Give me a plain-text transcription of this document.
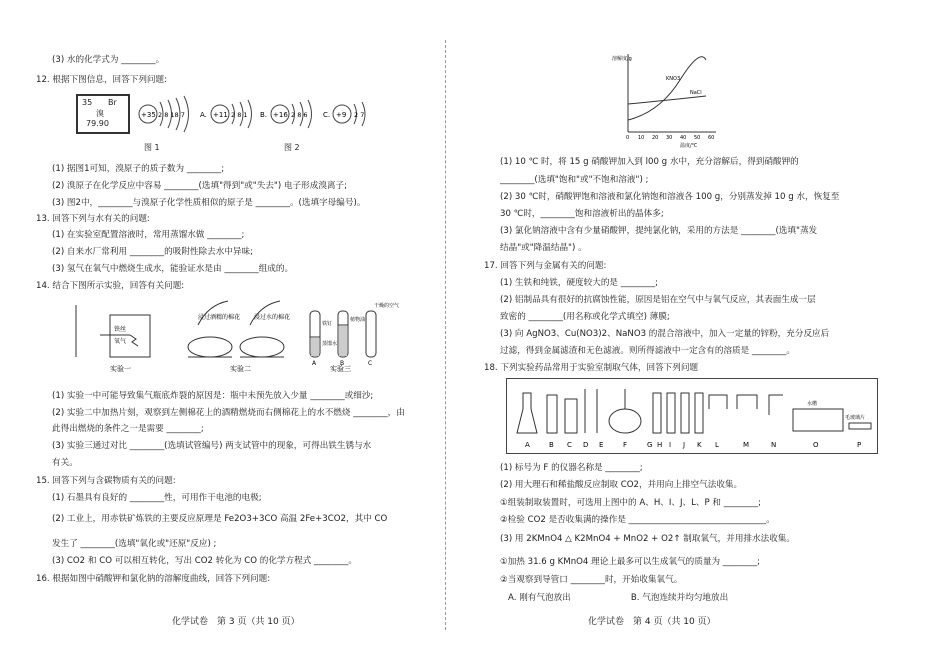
(3) 水的化学式为 ________。
12. 根据下图信息，回答下列问题:
35 Br
溴
79.90
+35 2 8 18 7 A. +11 2 8 1 B. +16 2 8 6 C. +9 2 7
图 1	图 2
(1) 据图1可知，溴原子的质子数为 ________;
(2) 溴原子在化学反应中容易 ________(选填"得到"或"失去") 电子形成溴离子;
(3) 图2中，________与溴原子化学性质相似的原子是 ________。(选填字母编号)。
13. 回答下列与水有关的问题:
(1) 在实验室配置溶液时，常用蒸馏水做 ________;
(2) 自来水厂常利用 ________的吸附性除去水中异味;
(3) 氢气在氧气中燃烧生成水，能验证水是由 ________组成的。
14. 结合下图所示实验，回答有关问题:
铁丝
氧气
浸过酒精的棉花 浸过水的棉花
铁钉
蒸馏水
植物油
干燥的空气
A	B	C
实验一	实验二	实验三
(1) 实验一中可能导致集气瓶底炸裂的原因是：瓶中未预先放入少量 ________或细沙;
(2) 实验二中加热片刻，观察到左侧棉花上的酒精燃烧而右侧棉花上的水不燃烧 ________，由
此得出燃烧的条件之一是需要 ________;
(3) 实验三通过对比 ________(选填试管编号) 两支试管中的现象，可得出铁生锈与水
有关。
15. 回答下列与含碳物质有关的问题:
(1) 石墨具有良好的 ________性，可用作干电池的电极;
(2) 工业上，用赤铁矿炼铁的主要反应原理是 Fe2O3+3CO 高温 2Fe+3CO2，其中 CO
发生了 ________(选填"氧化或"还原"反应) ;
(3) CO2 和 CO 可以相互转化，写出 CO2 转化为 CO 的化学方程式 ________。
16. 根据如图中硝酸钾和氯化钠的溶解度曲线，回答下列问题:
化学试卷　第 3 页（共 10 页）
溶解度/g
KNO3
NaCl
0 10 20 30 40 50 60
温度/℃
(1) 10 ℃ 时，将 15 g 硝酸钾加入到 l00 g 水中，充分溶解后，得到硝酸钾的
________(选填"饱和"或"不饱和溶液") ;
(2) 30 ℃时，硝酸钾饱和溶液和氯化钠饱和溶液各 100 g，分别蒸发掉 10 g 水，恢复至
30 ℃时，________饱和溶液析出的晶体多;
(3) 氯化钠溶液中含有少量硝酸钾，提纯氯化钠，采用的方法是 ________(选填"蒸发
结晶"或"降温结晶") 。
17. 回答下列与金属有关的问题:
(1) 生铁和纯铁，硬度较大的是 ________;
(2) 铝制品具有很好的抗腐蚀性能，原因是铝在空气中与氧气反应，其表面生成一层
致密的 ________(用名称或化学式填空) 薄膜;
(3) 向 AgNO3、Cu(NO3)2、NaNO3 的混合溶液中，加入一定量的锌粉，充分反应后
过滤，得到金属滤渣和无色滤液。则所得滤液中一定含有的溶质是 ________。
18. 下列实验药品常用于实验室制取气体，回答下列问题
A	B C D E	F	G H I J K L	M	N	O	P
水槽
毛玻璃片
(1) 标号为 F 的仪器名称是 ________;
(2) 用大理石和稀盐酸反应制取 CO2，并用向上排空气法收集。
①组装制取装置时，可选用上图中的 A、H、I、J、L、P 和 ________;
②检验 CO2 是否收集满的操作是 ________________________________。
(3) 用 2KMnO4 △ K2MnO4 + MnO2 + O2↑ 制取氧气，并用排水法收集。
①加热 31.6 g KMnO4 理论上最多可以生成氧气的质量为 ________;
②当观察到导管口 ________时，开始收集氧气。
A. 刚有气泡放出　　　　　　　B. 气泡连续并均匀地放出
化学试卷　第 4 页（共 10 页）
